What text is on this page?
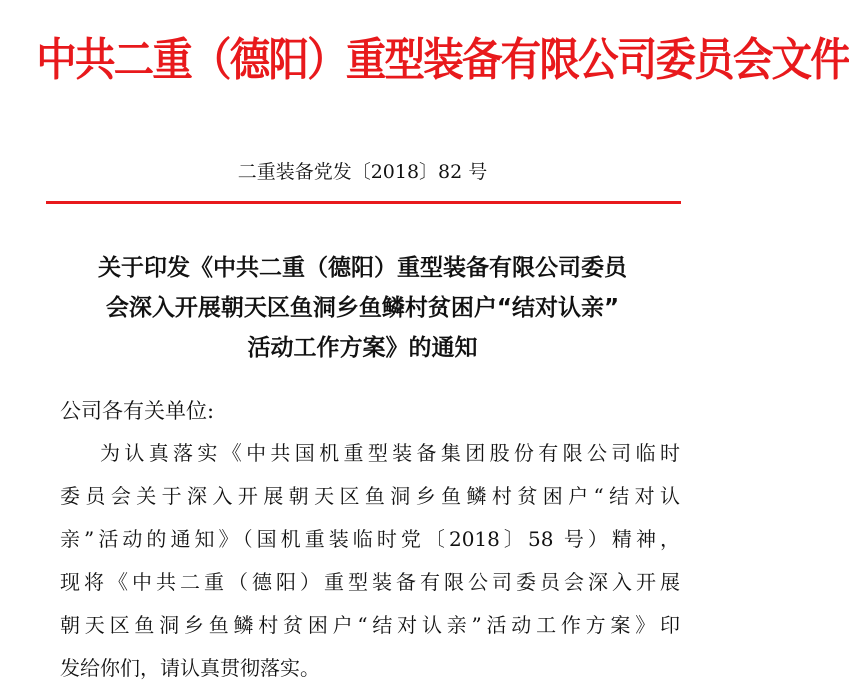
中共二重（德阳）重型装备有限公司委员会文件
二重装备党发〔2018〕82 号
关于印发《中共二重（德阳）重型装备有限公司委员
会深入开展朝天区鱼洞乡鱼鳞村贫困户“结对认亲”
活动工作方案》的通知
公司各有关单位:
为认真落实《中共国机重型装备集团股份有限公司临时
委员会关于深入开展朝天区鱼洞乡鱼鳞村贫困户“结对认
亲”活动的通知》（国机重装临时党〔2018〕58 号）精神，
现将《中共二重（德阳）重型装备有限公司委员会深入开展
朝天区鱼洞乡鱼鳞村贫困户“结对认亲”活动工作方案》印
发给你们，请认真贯彻落实。
